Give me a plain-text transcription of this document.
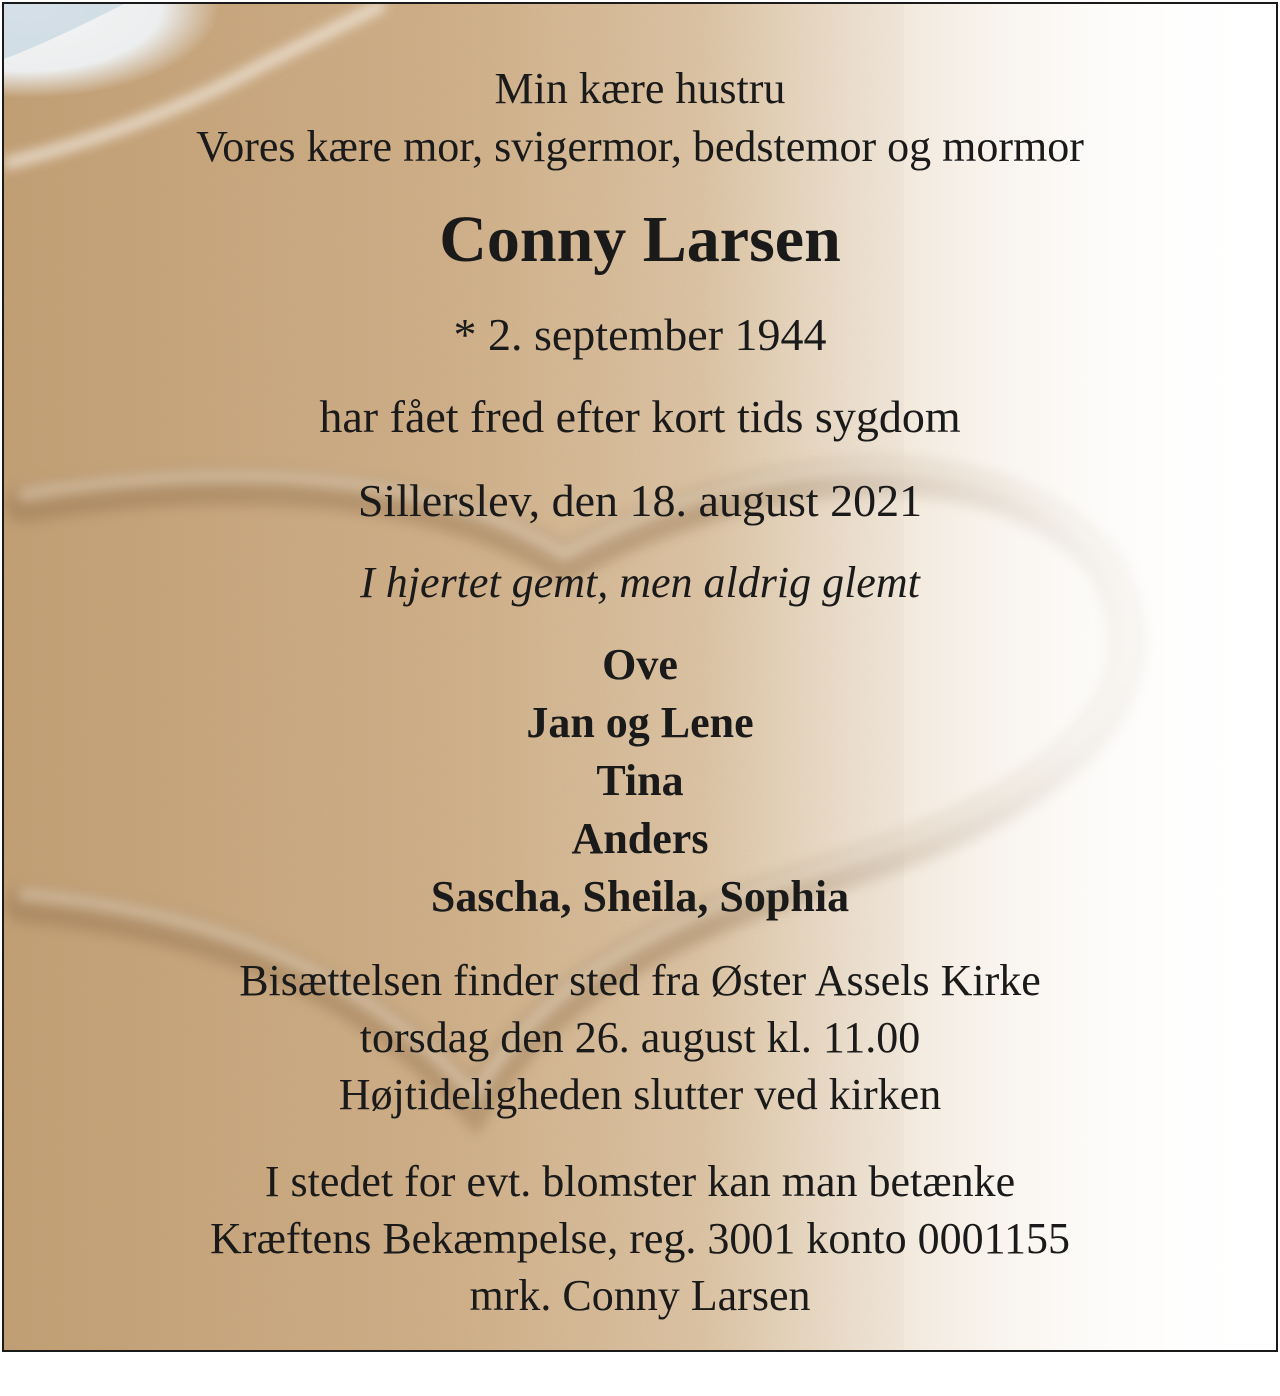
Min kære hustru
Vores kære mor, svigermor, bedstemor og mormor
Conny Larsen
* 2. september 1944
har fået fred efter kort tids sygdom
Sillerslev, den 18. august 2021
I hjertet gemt, men aldrig glemt
Ove
Jan og Lene
Tina
Anders
Sascha, Sheila, Sophia
Bisættelsen finder sted fra Øster Assels Kirke
torsdag den 26. august kl. 11.00
Højtideligheden slutter ved kirken
I stedet for evt. blomster kan man betænke
Kræftens Bekæmpelse, reg. 3001 konto 0001155
mrk. Conny Larsen
